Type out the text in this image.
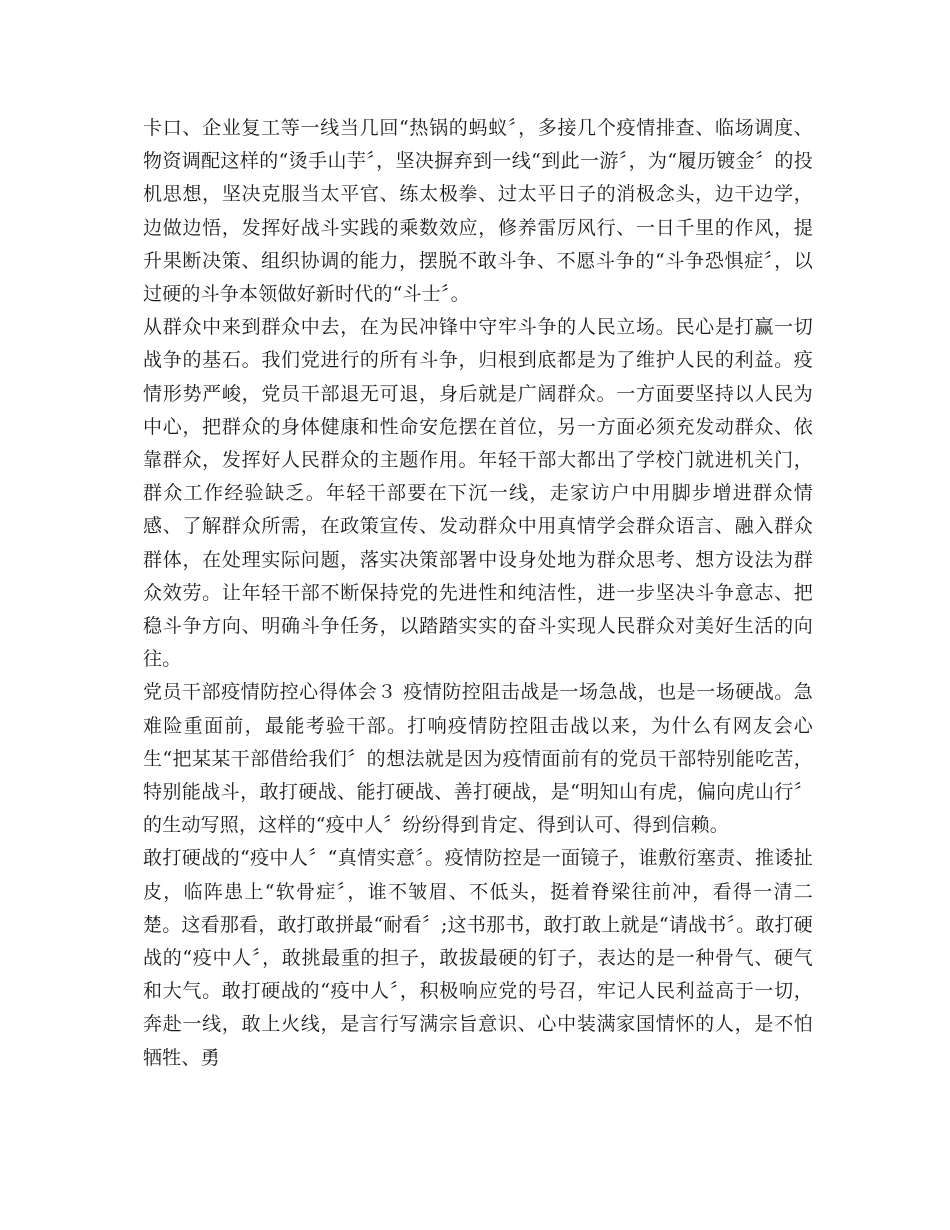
卡口、企业复工等一线当几回“热锅的蚂蚁〞，多接几个疫情排查、临场调度、物资调配这样的“烫手山芋〞，坚决摒弃到一线“到此一游〞，为“履历镀金〞的投机思想，坚决克服当太平官、练太极拳、过太平日子的消极念头，边干边学，边做边悟，发挥好战斗实践的乘数效应，修养雷厉风行、一日千里的作风，提升果断决策、组织协调的能力，摆脱不敢斗争、不愿斗争的“斗争恐惧症〞，以过硬的斗争本领做好新时代的“斗士〞。

从群众中来到群众中去，在为民冲锋中守牢斗争的人民立场。民心是打赢一切战争的基石。我们党进行的所有斗争，归根到底都是为了维护人民的利益。疫情形势严峻，党员干部退无可退，身后就是广阔群众。一方面要坚持以人民为中心，把群众的身体健康和性命安危摆在首位，另一方面必须充发动群众、依靠群众，发挥好人民群众的主题作用。年轻干部大都出了学校门就进机关门，群众工作经验缺乏。年轻干部要在下沉一线，走家访户中用脚步增进群众情感、了解群众所需，在政策宣传、发动群众中用真情学会群众语言、融入群众群体，在处理实际问题，落实决策部署中设身处地为群众思考、想方设法为群众效劳。让年轻干部不断保持党的先进性和纯洁性，进一步坚决斗争意志、把稳斗争方向、明确斗争任务，以踏踏实实的奋斗实现人民群众对美好生活的向往。

党员干部疫情防控心得体会３ 疫情防控阻击战是一场急战，也是一场硬战。急难险重面前，最能考验干部。打响疫情防控阻击战以来，为什么有网友会心生“把某某干部借给我们〞的想法就是因为疫情面前有的党员干部特别能吃苦，特别能战斗，敢打硬战、能打硬战、善打硬战，是“明知山有虎，偏向虎山行〞的生动写照，这样的“疫中人〞纷纷得到肯定、得到认可、得到信赖。

敢打硬战的“疫中人〞“真情实意〞。疫情防控是一面镜子，谁敷衍塞责、推诿扯皮，临阵患上“软骨症〞，谁不皱眉、不低头，挺着脊梁往前冲，看得一清二楚。这看那看，敢打敢拼最“耐看〞;这书那书，敢打敢上就是“请战书〞。敢打硬战的“疫中人〞，敢挑最重的担子，敢拔最硬的钉子，表达的是一种骨气、硬气和大气。敢打硬战的“疫中人〞，积极响应党的号召，牢记人民利益高于一切，奔赴一线，敢上火线，是言行写满宗旨意识、心中装满家国情怀的人，是不怕牺牲、勇
